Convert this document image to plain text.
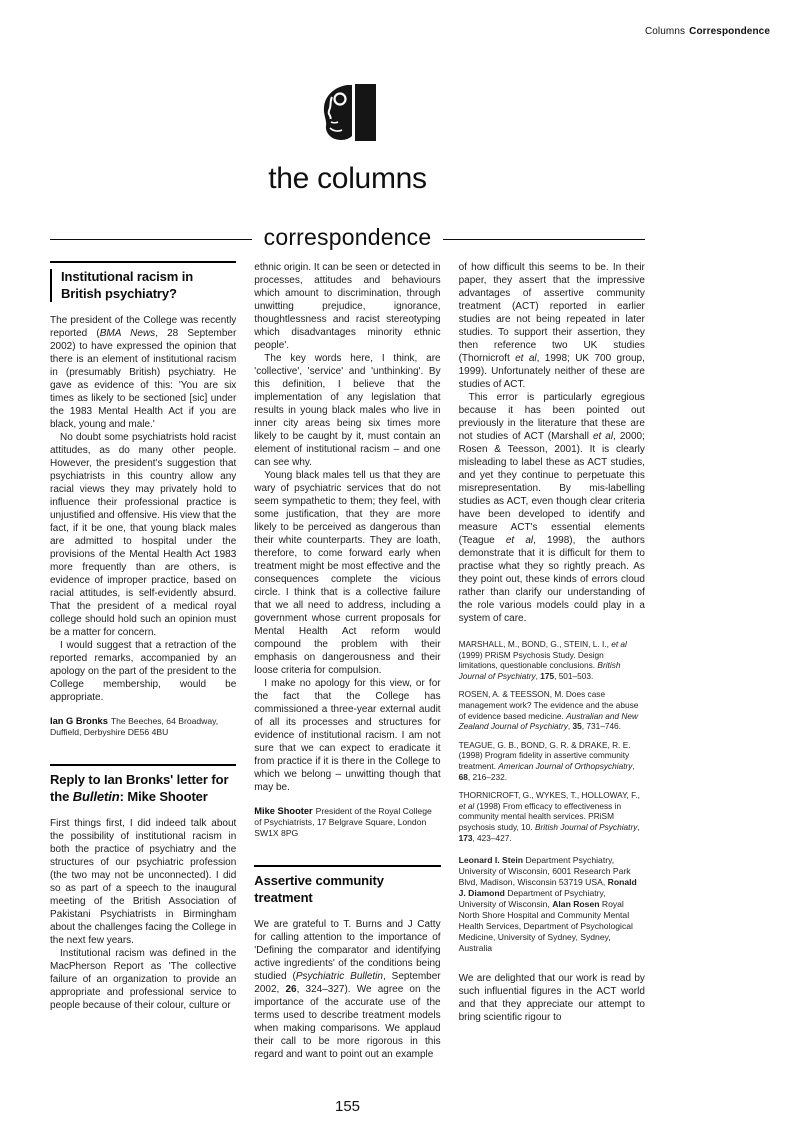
Columns Correspondence
the columns
correspondence
Institutional racism in British psychiatry?

The president of the College was recently reported (BMA News, 28 September 2002) to have expressed the opinion that there is an element of institutional racism in (presumably British) psychiatry. He gave as evidence of this: 'You are six times as likely to be sectioned [sic] under the 1983 Mental Health Act if you are black, young and male.'

No doubt some psychiatrists hold racist attitudes, as do many other people. However, the president's suggestion that psychiatrists in this country allow any racial views they may privately hold to influence their professional practice is unjustified and offensive. His view that the fact, if it be one, that young black males are admitted to hospital under the provisions of the Mental Health Act 1983 more frequently than are others, is evidence of improper practice, based on racial attitudes, is self-evidently absurd. That the president of a medical royal college should hold such an opinion must be a matter for concern.

I would suggest that a retraction of the reported remarks, accompanied by an apology on the part of the president to the College membership, would be appropriate.

Ian G Bronks The Beeches, 64 Broadway, Duffield, Derbyshire DE56 4BU

Reply to Ian Bronks' letter for the Bulletin: Mike Shooter

First things first, I did indeed talk about the possibility of institutional racism in both the practice of psychiatry and the structures of our psychiatric profession (the two may not be unconnected). I did so as part of a speech to the inaugural meeting of the British Association of Pakistani Psychiatrists in Birmingham about the challenges facing the College in the next few years.

Institutional racism was defined in the MacPherson Report as 'The collective failure of an organization to provide an appropriate and professional service to people because of their colour, culture or

ethnic origin. It can be seen or detected in processes, attitudes and behaviours which amount to discrimination, through unwitting prejudice, ignorance, thoughtlessness and racist stereotyping which disadvantages minority ethnic people'.

The key words here, I think, are 'collective', 'service' and 'unthinking'. By this definition, I believe that the implementation of any legislation that results in young black males who live in inner city areas being six times more likely to be caught by it, must contain an element of institutional racism – and one can see why.

Young black males tell us that they are wary of psychiatric services that do not seem sympathetic to them; they feel, with some justification, that they are more likely to be perceived as dangerous than their white counterparts. They are loath, therefore, to come forward early when treatment might be most effective and the consequences complete the vicious circle. I think that is a collective failure that we all need to address, including a government whose current proposals for Mental Health Act reform would compound the problem with their emphasis on dangerousness and their loose criteria for compulsion.

I make no apology for this view, or for the fact that the College has commissioned a three-year external audit of all its processes and structures for evidence of institutional racism. I am not sure that we can expect to eradicate it from practice if it is there in the College to which we belong – unwitting though that may be.

Mike Shooter President of the Royal College of Psychiatrists, 17 Belgrave Square, London SW1X 8PG

Assertive community treatment

We are grateful to T. Burns and J Catty for calling attention to the importance of 'Defining the comparator and identifying active ingredients' of the conditions being studied (Psychiatric Bulletin, September 2002, 26, 324–327). We agree on the importance of the accurate use of the terms used to describe treatment models when making comparisons. We applaud their call to be more rigorous in this regard and want to point out an example

of how difficult this seems to be. In their paper, they assert that the impressive advantages of assertive community treatment (ACT) reported in earlier studies are not being repeated in later studies. To support their assertion, they then reference two UK studies (Thornicroft et al, 1998; UK 700 group, 1999). Unfortunately neither of these are studies of ACT.

This error is particularly egregious because it has been pointed out previously in the literature that these are not studies of ACT (Marshall et al, 2000; Rosen & Teesson, 2001). It is clearly misleading to label these as ACT studies, and yet they continue to perpetuate this misrepresentation. By mis-labelling studies as ACT, even though clear criteria have been developed to identify and measure ACT's essential elements (Teague et al, 1998), the authors demonstrate that it is difficult for them to practise what they so rightly preach. As they point out, these kinds of errors cloud rather than clarify our understanding of the role various models could play in a system of care.

MARSHALL, M., BOND, G., STEIN, L. I., et al (1999) PRiSM Psychosis Study. Design limitations, questionable conclusions. British Journal of Psychiatry, 175, 501–503.

ROSEN, A. & TEESSON, M. Does case management work? The evidence and the abuse of evidence based medicine. Australian and New Zealand Journal of Psychiatry, 35, 731–746.

TEAGUE, G. B., BOND, G. R. & DRAKE, R. E. (1998) Program fidelity in assertive community treatment. American Journal of Orthopsychiatry, 68, 216–232.

THORNICROFT, G., WYKES, T., HOLLOWAY, F., et al (1998) From efficacy to effectiveness in community mental health services. PRiSM psychosis study, 10. British Journal of Psychiatry, 173, 423–427.

Leonard I. Stein Department Psychiatry, University of Wisconsin, 6001 Research Park Blvd, Madison, Wisconsin 53719 USA, Ronald J. Diamond Department of Psychiatry, University of Wisconsin, Alan Rosen Royal North Shore Hospital and Community Mental Health Services, Department of Psychological Medicine, University of Sydney, Sydney, Australia

We are delighted that our work is read by such influential figures in the ACT world and that they appreciate our attempt to bring scientific rigour to

155
